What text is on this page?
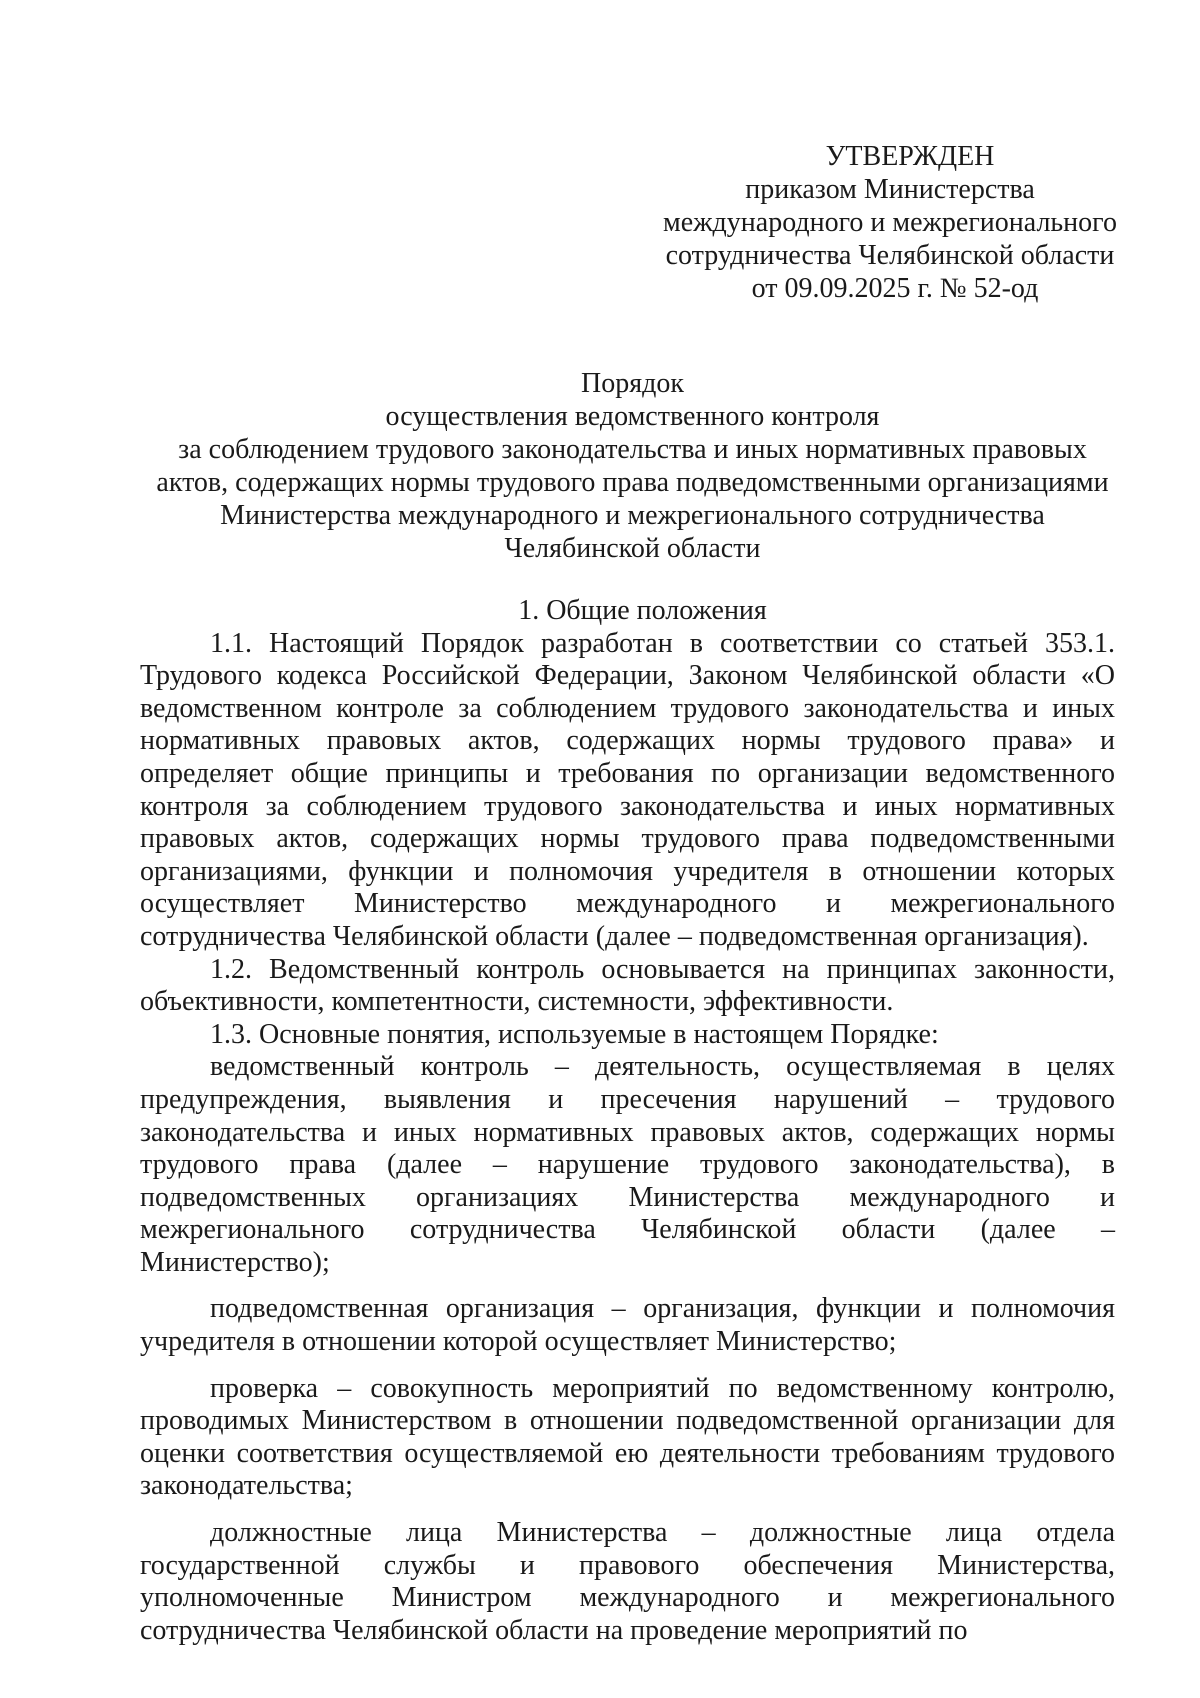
УТВЕРЖДЕН
приказом Министерства
международного и межрегионального
сотрудничества Челябинской области
от 09.09.2025 г. № 52-од
Порядок
осуществления ведомственного контроля
за соблюдением трудового законодательства и иных нормативных правовых
актов, содержащих нормы трудового права подведомственными организациями
Министерства международного и межрегионального сотрудничества
Челябинской области
1. Общие положения

1.1. Настоящий Порядок разработан в соответствии со статьей 353.1. Трудового кодекса Российской Федерации, Законом Челябинской области «О ведомственном контроле за соблюдением трудового законодательства и иных нормативных правовых актов, содержащих нормы трудового права» и определяет общие принципы и требования по организации ведомственного контроля за соблюдением трудового законодательства и иных нормативных правовых актов, содержащих нормы трудового права подведомственными организациями, функции и полномочия учредителя в отношении которых осуществляет Министерство международного и межрегионального сотрудничества Челябинской области (далее – подведомственная организация).

1.2. Ведомственный контроль основывается на принципах законности, объективности, компетентности, системности, эффективности.

1.3. Основные понятия, используемые в настоящем Порядке:

ведомственный контроль – деятельность, осуществляемая в целях предупреждения, выявления и пресечения нарушений – трудового законодательства и иных нормативных правовых актов, содержащих нормы трудового права (далее – нарушение трудового законодательства), в подведомственных организациях Министерства международного и межрегионального сотрудничества Челябинской области (далее – Министерство);

подведомственная организация – организация, функции и полномочия учредителя в отношении которой осуществляет Министерство;

проверка – совокупность мероприятий по ведомственному контролю, проводимых Министерством в отношении подведомственной организации для оценки соответствия осуществляемой ею деятельности требованиям трудового законодательства;

должностные лица Министерства – должностные лица отдела государственной службы и правового обеспечения Министерства, уполномоченные Министром международного и межрегионального сотрудничества Челябинской области на проведение мероприятий по
